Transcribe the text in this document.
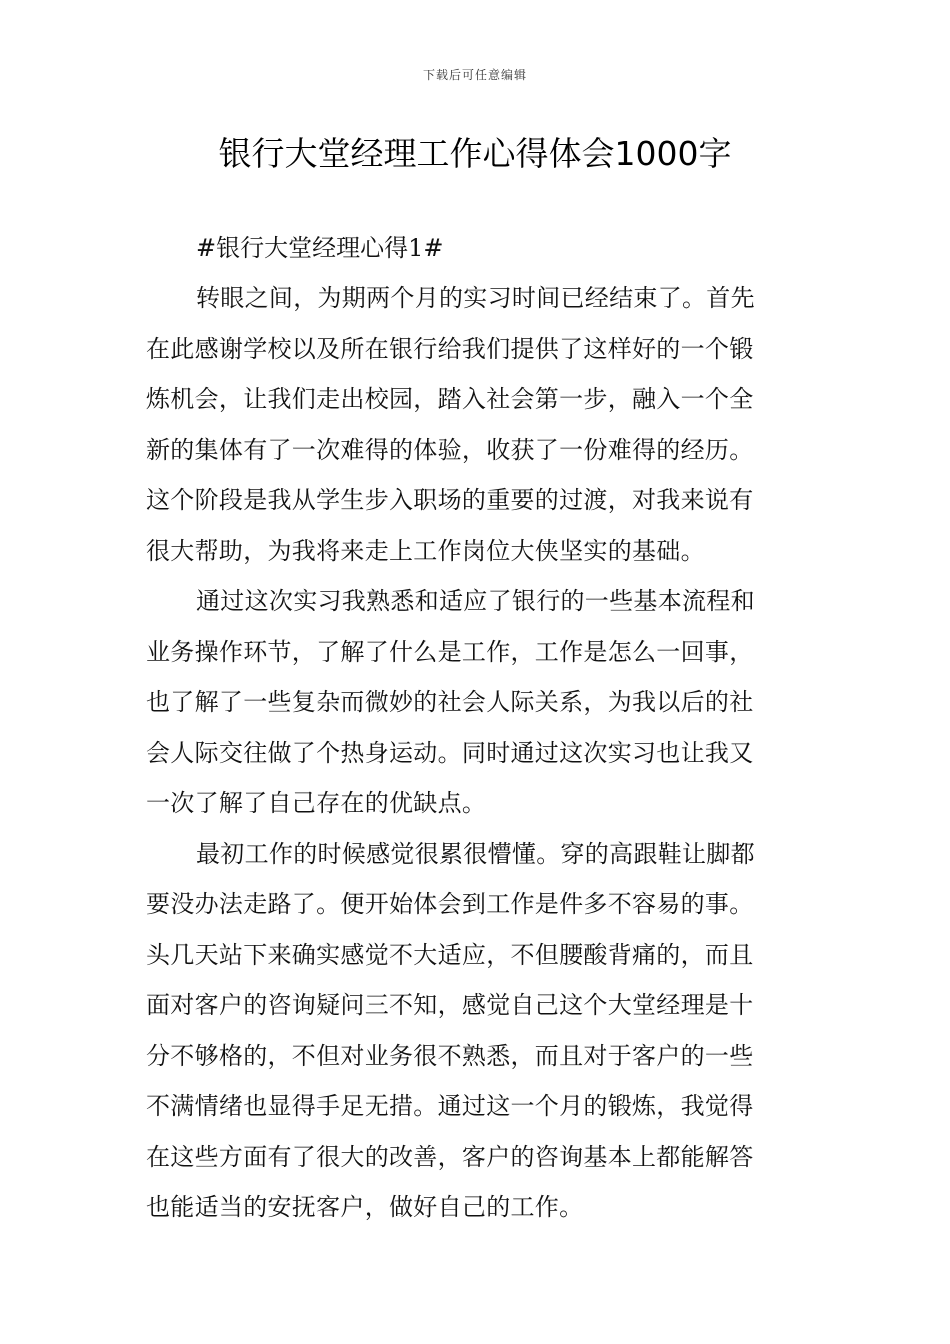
下载后可任意编辑
银行大堂经理工作心得体会1000字
#银行大堂经理心得1#
转眼之间，为期两个月的实习时间已经结束了。首先
在此感谢学校以及所在银行给我们提供了这样好的一个锻
炼机会，让我们走出校园，踏入社会第一步，融入一个全
新的集体有了一次难得的体验，收获了一份难得的经历。
这个阶段是我从学生步入职场的重要的过渡，对我来说有
很大帮助，为我将来走上工作岗位大侠坚实的基础。
通过这次实习我熟悉和适应了银行的一些基本流程和
业务操作环节，了解了什么是工作，工作是怎么一回事，
也了解了一些复杂而微妙的社会人际关系，为我以后的社
会人际交往做了个热身运动。同时通过这次实习也让我又
一次了解了自己存在的优缺点。
最初工作的时候感觉很累很懵懂。穿的高跟鞋让脚都
要没办法走路了。便开始体会到工作是件多不容易的事。
头几天站下来确实感觉不大适应，不但腰酸背痛的，而且
面对客户的咨询疑问三不知，感觉自己这个大堂经理是十
分不够格的，不但对业务很不熟悉，而且对于客户的一些
不满情绪也显得手足无措。通过这一个月的锻炼，我觉得
在这些方面有了很大的改善，客户的咨询基本上都能解答
也能适当的安抚客户，做好自己的工作。
